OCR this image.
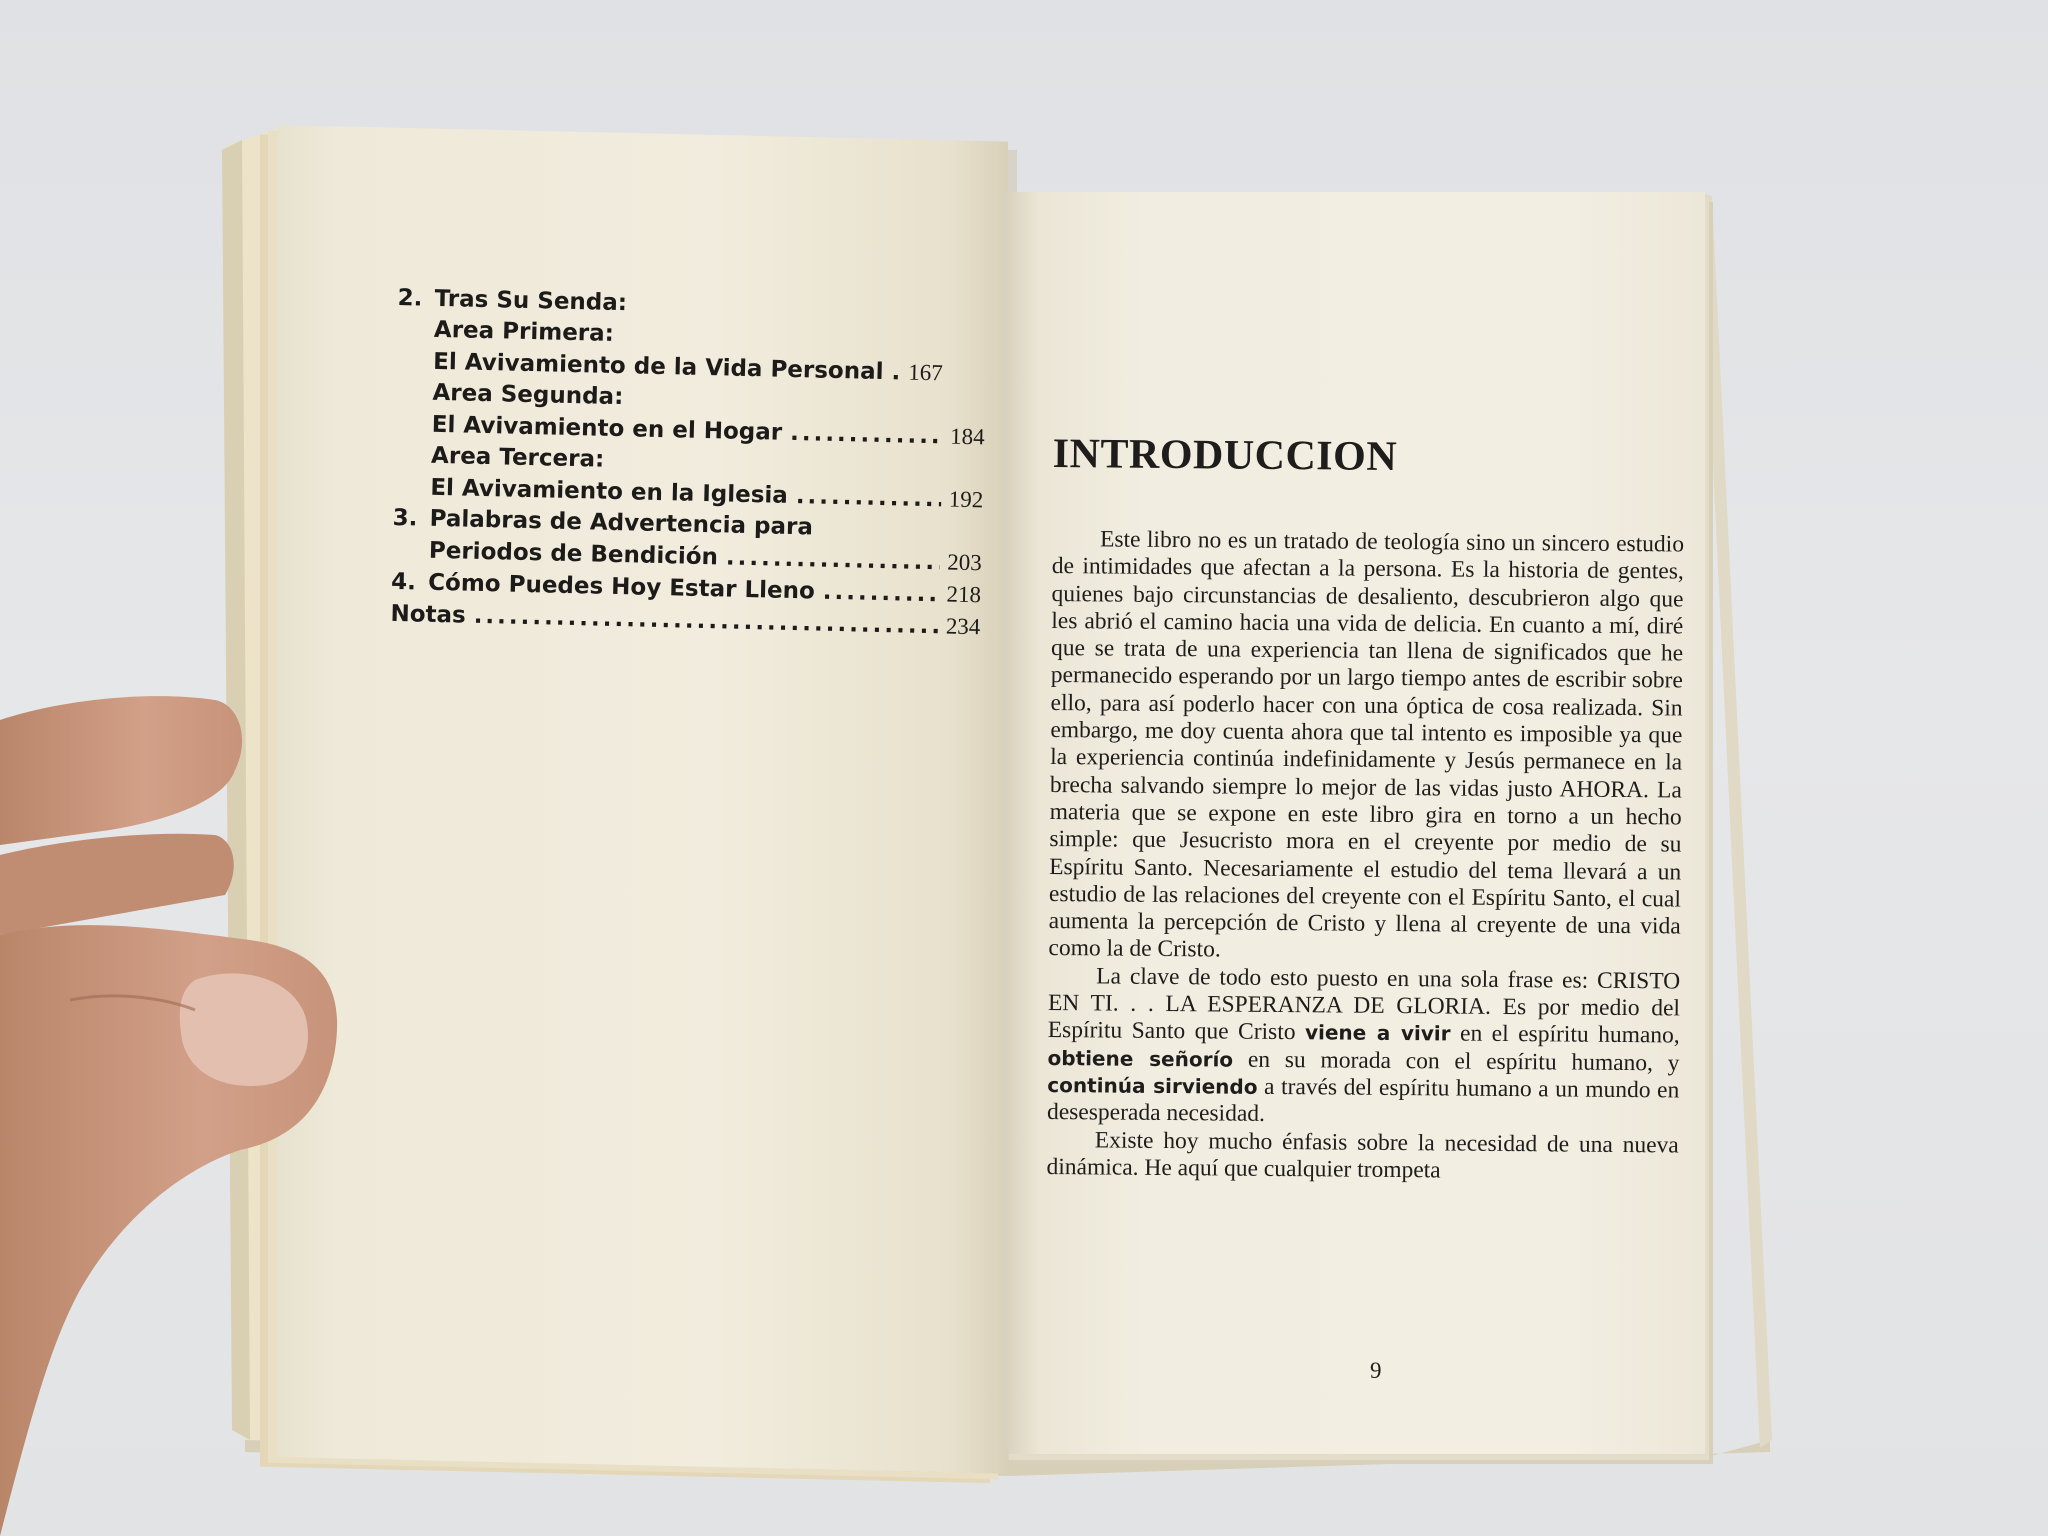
2. Tras Su Senda:
Area Primera:
El Avivamiento de la Vida Personal . 167
Area Segunda:
El Avivamiento en el Hogar .....	184
Area Tercera:
El Avivamiento en la Iglesia .....	192
3. Palabras de Advertencia para
Periodos de Bendición .....	203
4. Cómo Puedes Hoy Estar Lleno .....	218
Notas .....	234
INTRODUCCION

Este libro no es un tratado de teología sino un sincero estudio de intimidades que afectan a la persona. Es la historia de gentes, quienes bajo circunstancias de desaliento, descubrieron algo que les abrió el camino hacia una vida de delicia. En cuanto a mí, diré que se trata de una experiencia tan llena de significados que he permanecido esperando por un largo tiempo antes de escribir sobre ello, para así poderlo hacer con una óptica de cosa realizada. Sin embargo, me doy cuenta ahora que tal intento es imposible ya que la experiencia continúa indefinidamente y Jesús permanece en la brecha salvando siempre lo mejor de las vidas justo AHORA. La materia que se expone en este libro gira en torno a un hecho simple: que Jesucristo mora en el creyente por medio de su Espíritu Santo. Necesariamente el estudio del tema llevará a un estudio de las relaciones del creyente con el Espíritu Santo, el cual aumenta la percepción de Cristo y llena al creyente de una vida como la de Cristo.

La clave de todo esto puesto en una sola frase es: CRISTO EN TI. . . LA ESPERANZA DE GLORIA. Es por medio del Espíritu Santo que Cristo viene a vivir en el espíritu humano, obtiene señorío en su morada con el espíritu humano, y continúa sirviendo a través del espíritu humano a un mundo en desesperada necesidad.

Existe hoy mucho énfasis sobre la necesidad de una nueva dinámica. He aquí que cualquier trompeta

9
